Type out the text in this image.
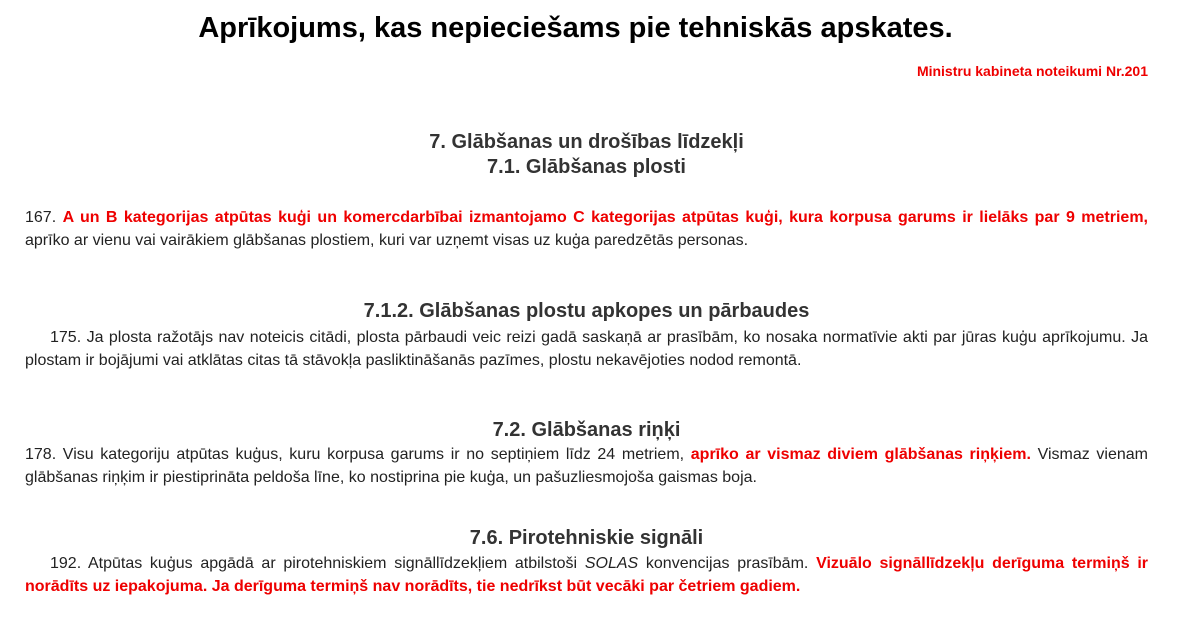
Aprīkojums, kas nepieciešams pie tehniskās apskates.
Ministru kabineta noteikumi Nr.201
7. Glābšanas un drošības līdzekļi
7.1. Glābšanas plosti
167. A un B kategorijas atpūtas kuģi un komercdarbībai izmantojamo C kategorijas atpūtas kuģi, kura korpusa garums ir lielāks par 9 metriem, aprīko ar vienu vai vairākiem glābšanas plostiem, kuri var uzņemt visas uz kuģa paredzētās personas.
7.1.2. Glābšanas plostu apkopes un pārbaudes
175. Ja plosta ražotājs nav noteicis citādi, plosta pārbaudi veic reizi gadā saskaņā ar prasībām, ko nosaka normatīvie akti par jūras kuģu aprīkojumu. Ja plostam ir bojājumi vai atklātas citas tā stāvokļa pasliktināšanās pazīmes, plostu nekavējoties nodod remontā.
7.2. Glābšanas riņķi
178. Visu kategoriju atpūtas kuģus, kuru korpusa garums ir no septiņiem līdz 24 metriem, aprīko ar vismaz diviem glābšanas riņķiem. Vismaz vienam glābšanas riņķim ir piestiprināta peldoša līne, ko nostiprina pie kuģa, un pašuzliesmojoša gaismas boja.
7.6. Pirotehniskie signāli
192. Atpūtas kuģus apgādā ar pirotehniskiem signāllīdzekļiem atbilstoši SOLAS konvencijas prasībām. Vizuālo signāllīdzekļu derīguma termiņš ir norādīts uz iepakojuma. Ja derīguma termiņš nav norādīts, tie nedrīkst būt vecāki par četriem gadiem.
